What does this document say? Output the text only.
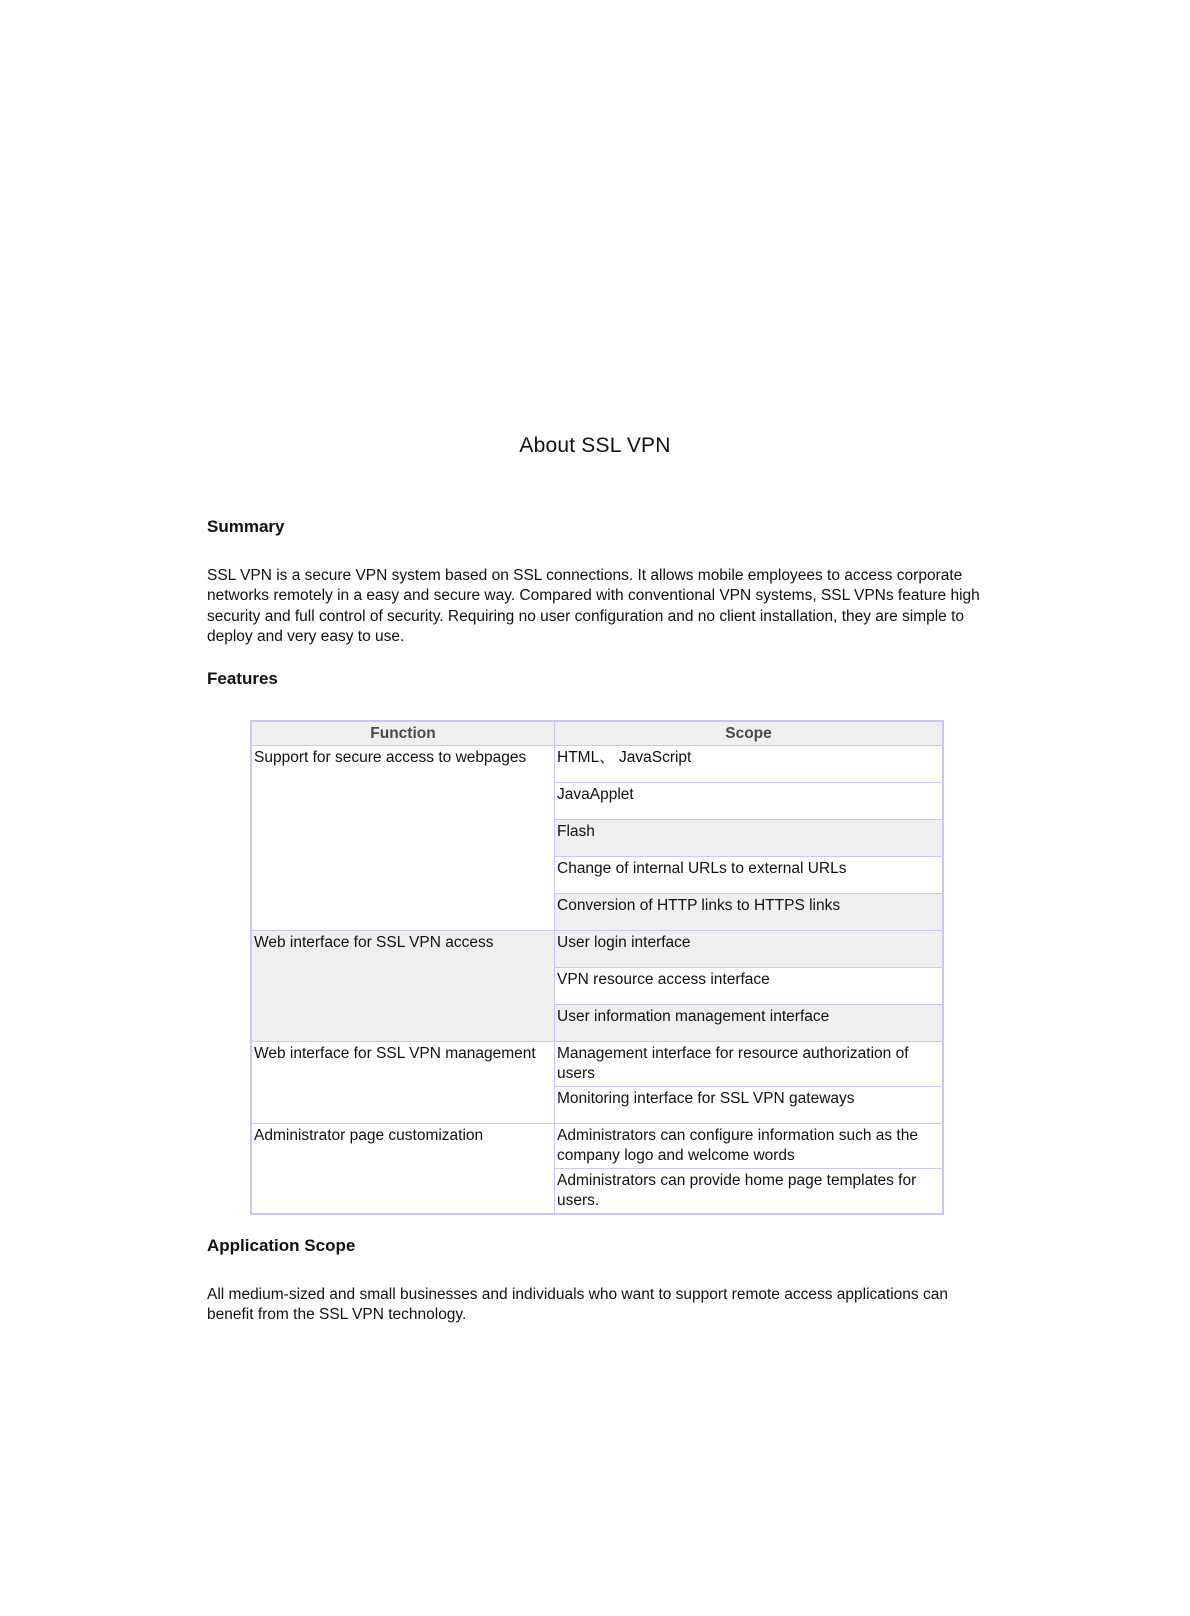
About SSL VPN
Summary

SSL VPN is a secure VPN system based on SSL connections. It allows mobile employees to access corporate networks remotely in a easy and secure way. Compared with conventional VPN systems, SSL VPNs feature high security and full control of security. Requiring no user configuration and no client installation, they are simple to deploy and very easy to use.

Features
Function	Scope
Support for secure access to webpages	HTML、 JavaScript
	JavaApplet
	Flash
	Change of internal URLs to external URLs
	Conversion of HTTP links to HTTPS links
Web interface for SSL VPN access	User login interface
	VPN resource access interface
	User information management interface
Web interface for SSL VPN management	Management interface for resource authorization of users
	Monitoring interface for SSL VPN gateways
Administrator page customization	Administrators can configure information such as the company logo and welcome words
	Administrators can provide home page templates for users.
Application Scope

All medium-sized and small businesses and individuals who want to support remote access applications can benefit from the SSL VPN technology.
